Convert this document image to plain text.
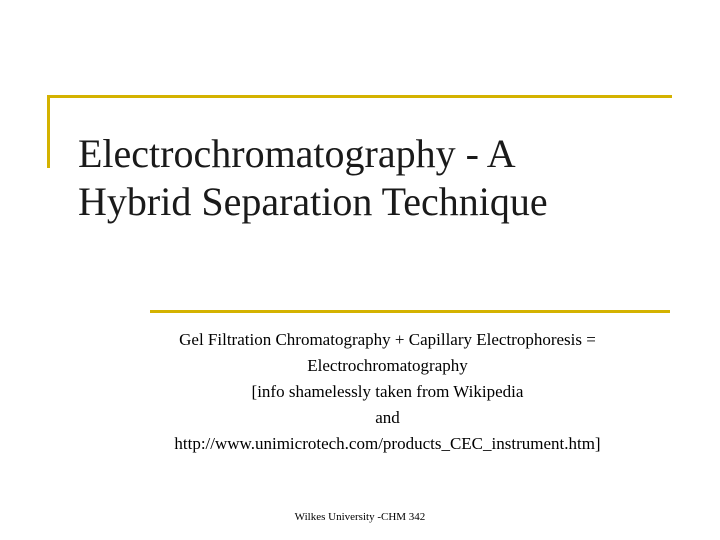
Electrochromatography - A
Hybrid Separation Technique
Gel Filtration Chromatography + Capillary Electrophoresis =
Electrochromatography
[info shamelessly taken from Wikipedia
and
http://www.unimicrotech.com/products_CEC_instrument.htm]
Wilkes University -CHM 342
